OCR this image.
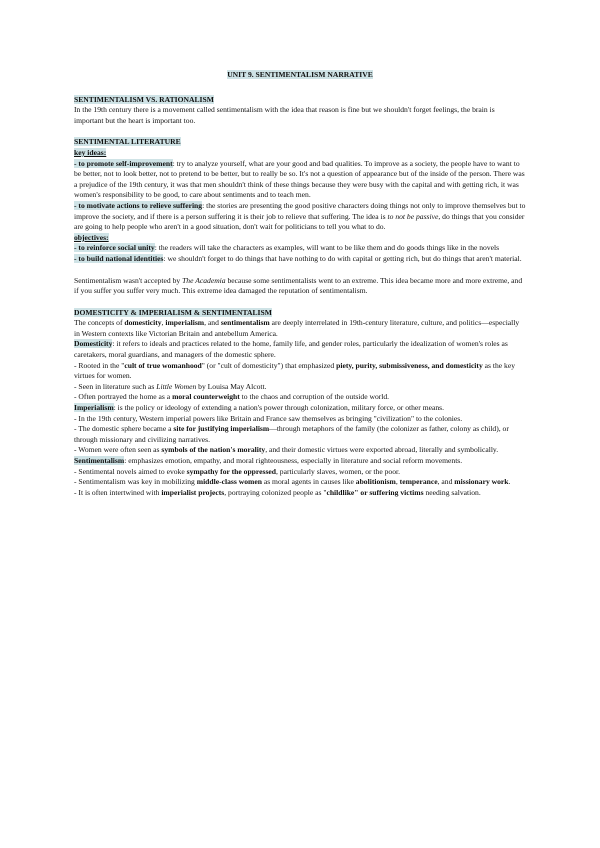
UNIT 9. SENTIMENTALISM NARRATIVE
SENTIMENTALISM VS. RATIONALISM

In the 19th century there is a movement called sentimentalism with the idea that reason is fine but we shouldn't forget feelings, the brain is important but the heart is important too.

SENTIMENTAL LITERATURE
key ideas:

- to promote self-improvement: try to analyze yourself, what are your good and bad qualities. To improve as a society, the people have to want to be better, not to look better, not to pretend to be better, but to really be so. It's not a question of appearance but of the inside of the person. There was a prejudice of the 19th century, it was that men shouldn't think of these things because they were busy with the capital and with getting rich, it was women's responsibility to be good, to care about sentiments and to teach men.

- to motivate actions to relieve suffering: the stories are presenting the good positive characters doing things not only to improve themselves but to improve the society, and if there is a person suffering it is their job to relieve that suffering. The idea is to not be passive, do things that you consider are going to help people who aren't in a good situation, don't wait for politicians to tell you what to do.

objectives:

- to reinforce social unity: the readers will take the characters as examples, will want to be like them and do goods things like in the novels

- to build national identities: we shouldn't forget to do things that have nothing to do with capital or getting rich, but do things that aren't material.

Sentimentalism wasn't accepted by The Academia because some sentimentalists went to an extreme. This idea became more and more extreme, and if you suffer you suffer very much. This extreme idea damaged the reputation of sentimentalism.

DOMESTICITY & IMPERIALISM & SENTIMENTALISM

The concepts of domesticity, imperialism, and sentimentalism are deeply interrelated in 19th-century literature, culture, and politics—especially in Western contexts like Victorian Britain and antebellum America.

Domesticity: it refers to ideals and practices related to the home, family life, and gender roles, particularly the idealization of women's roles as caretakers, moral guardians, and managers of the domestic sphere.

- Rooted in the "cult of true womanhood" (or "cult of domesticity") that emphasized piety, purity, submissiveness, and domesticity as the key virtues for women.

- Seen in literature such as Little Women by Louisa May Alcott.

- Often portrayed the home as a moral counterweight to the chaos and corruption of the outside world.

Imperialism: is the policy or ideology of extending a nation's power through colonization, military force, or other means.

- In the 19th century, Western imperial powers like Britain and France saw themselves as bringing "civilization" to the colonies.

- The domestic sphere became a site for justifying imperialism—through metaphors of the family (the colonizer as father, colony as child), or through missionary and civilizing narratives.

- Women were often seen as symbols of the nation's morality, and their domestic virtues were exported abroad, literally and symbolically.

Sentimentalism: emphasizes emotion, empathy, and moral righteousness, especially in literature and social reform movements.

- Sentimental novels aimed to evoke sympathy for the oppressed, particularly slaves, women, or the poor.

- Sentimentalism was key in mobilizing middle-class women as moral agents in causes like abolitionism, temperance, and missionary work.

- It is often intertwined with imperialist projects, portraying colonized people as "childlike" or suffering victims needing salvation.
